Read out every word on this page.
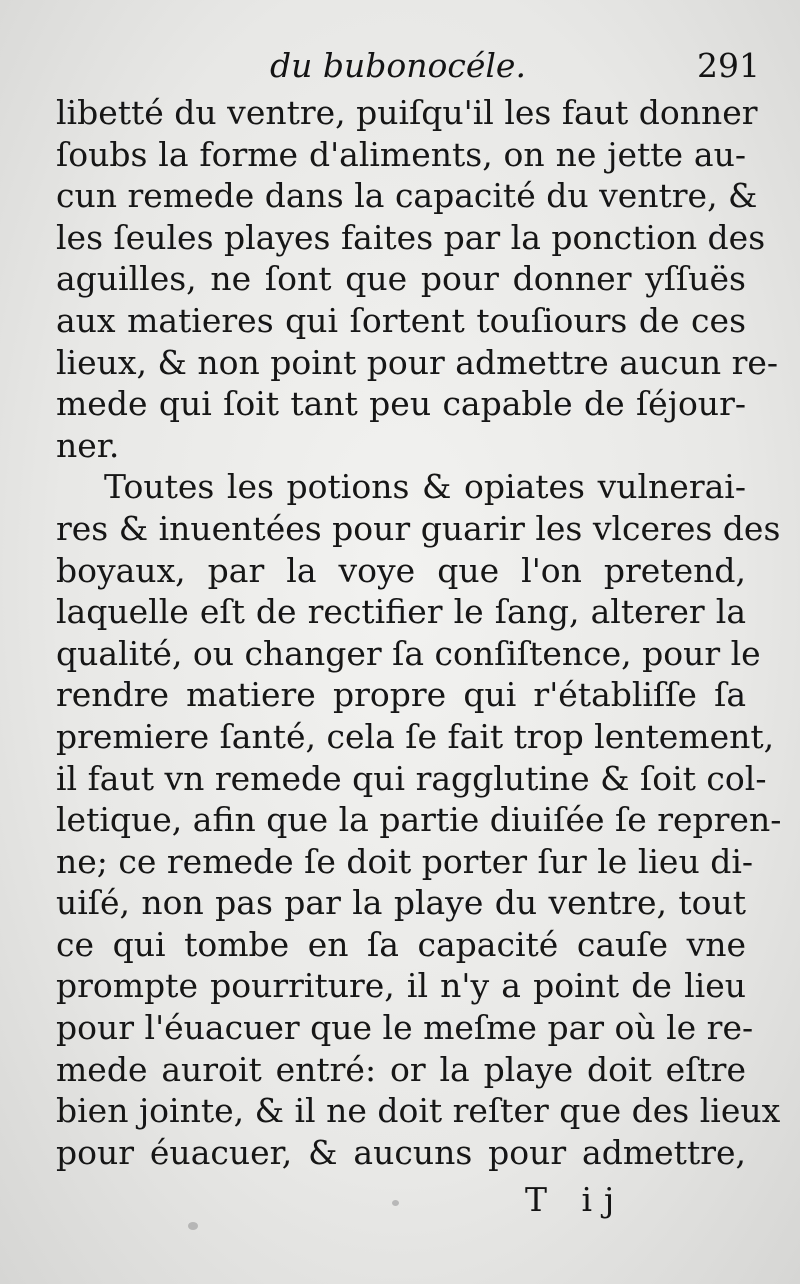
du bubonocéle.	291
libetté du ventre, puiſqu'il les faut donner
ſoubs la forme d'aliments, on ne jette au-
cun remede dans la capacité du ventre, &
les ſeules playes faites par la ponction des
aguilles, ne ſont que pour donner yſſuës
aux matieres qui ſortent touſiours de ces
lieux, & non point pour admettre aucun re-
mede qui ſoit tant peu capable de ſéjour-
ner.
Toutes les potions & opiates vulnerai-
res & inuentées pour guarir les vlceres des
boyaux, par la voye que l'on pretend,
laquelle eſt de rectifier le ſang, alterer la
qualité, ou changer ſa conſiſtence, pour le
rendre matiere propre qui r'établiſſe ſa
premiere ſanté, cela ſe fait trop lentement,
il faut vn remede qui ragglutine & ſoit col-
letique, afin que la partie diuiſée ſe repren-
ne; ce remede ſe doit porter ſur le lieu di-
uiſé, non pas par la playe du ventre, tout
ce qui tombe en ſa capacité cauſe vne
prompte pourriture, il n'y a point de lieu
pour l'éuacuer que le meſme par où le re-
mede auroit entré: or la playe doit eſtre
bien jointe, & il ne doit reſter que des lieux
pour éuacuer, & aucuns pour admettre,
T ij
